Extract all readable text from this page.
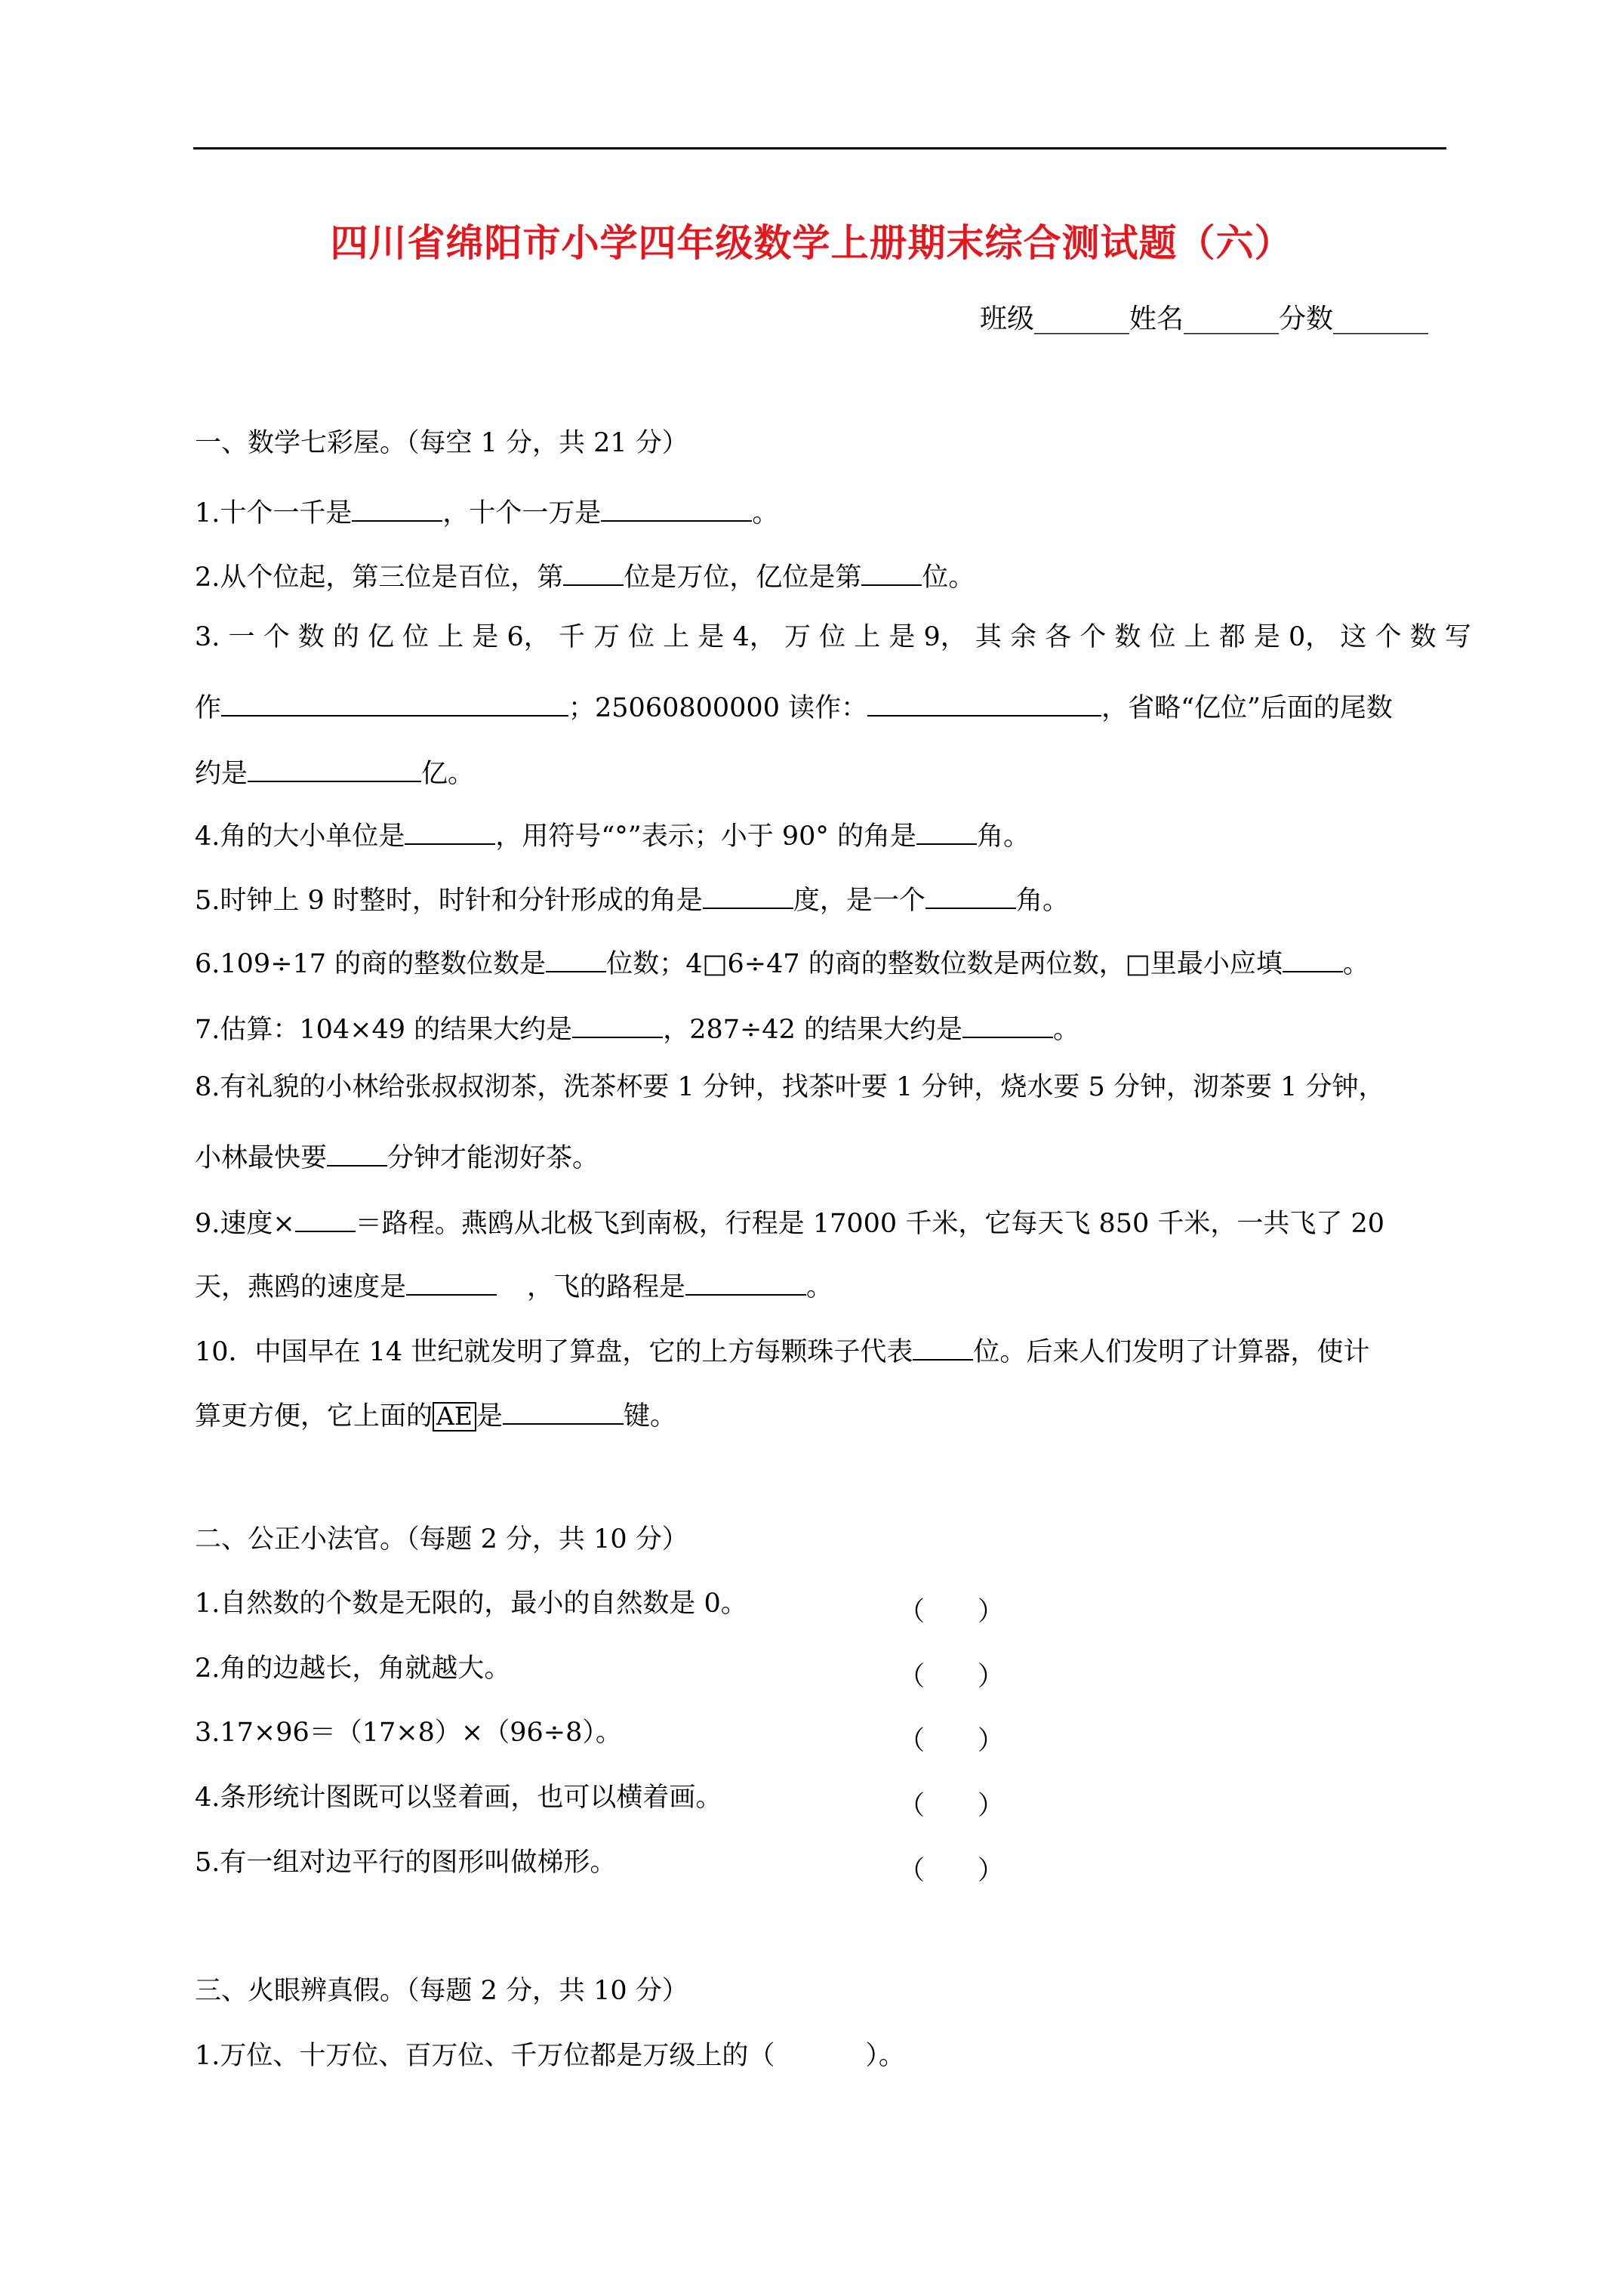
四川省绵阳市小学四年级数学上册期末综合测试题（六）
班级_______姓名_______分数_______
一、数学七彩屋。（每空 1 分，共 21 分）
1.十个一千是	，十个一万是	。
2.从个位起，第三位是百位，第 位是万位，亿位是第 位。
3. 一 个 数 的 亿 位 上 是 6， 千 万 位 上 是 4， 万 位 上 是 9， 其 余 各 个 数 位 上 都 是 0， 这 个 数 写
作	；25060800000 读作：	，省略“亿位”后面的尾数
约是	亿。
4.角的大小单位是	，用符号“°”表示；小于 90° 的角是 角。
5.时钟上 9 时整时，时针和分针形成的角是	度，是一个	角。
6.109÷17 的商的整数位数是 位数；4□6÷47 的商的整数位数是两位数，□里最小应填 。
7.估算：104×49 的结果大约是	，287÷42 的结果大约是	。
8.有礼貌的小林给张叔叔沏茶，洗茶杯要 1 分钟，找茶叶要 1 分钟，烧水要 5 分钟，沏茶要 1 分钟，
小林最快要 分钟才能沏好茶。
9.速度× ＝路程。燕鸥从北极飞到南极，行程是 17000 千米，它每天飞 850 千米，一共飞了 20
天，燕鸥的速度是	，飞的路程是	。
10．中国早在 14 世纪就发明了算盘，它的上方每颗珠子代表 位。后来人们发明了计算器，使计
算更方便，它上面的 AE 是	键。
二、公正小法官。（每题 2 分，共 10 分）
1.自然数的个数是无限的，最小的自然数是 0。	（　　）
2.角的边越长，角就越大。	（　　）
3.17×96＝（17×8）×（96÷8）。	（　　）
4.条形统计图既可以竖着画，也可以横着画。	（　　）
5.有一组对边平行的图形叫做梯形。	（　　）
三、火眼辨真假。（每题 2 分，共 10 分）
1.万位、十万位、百万位、千万位都是万级上的（	）。
